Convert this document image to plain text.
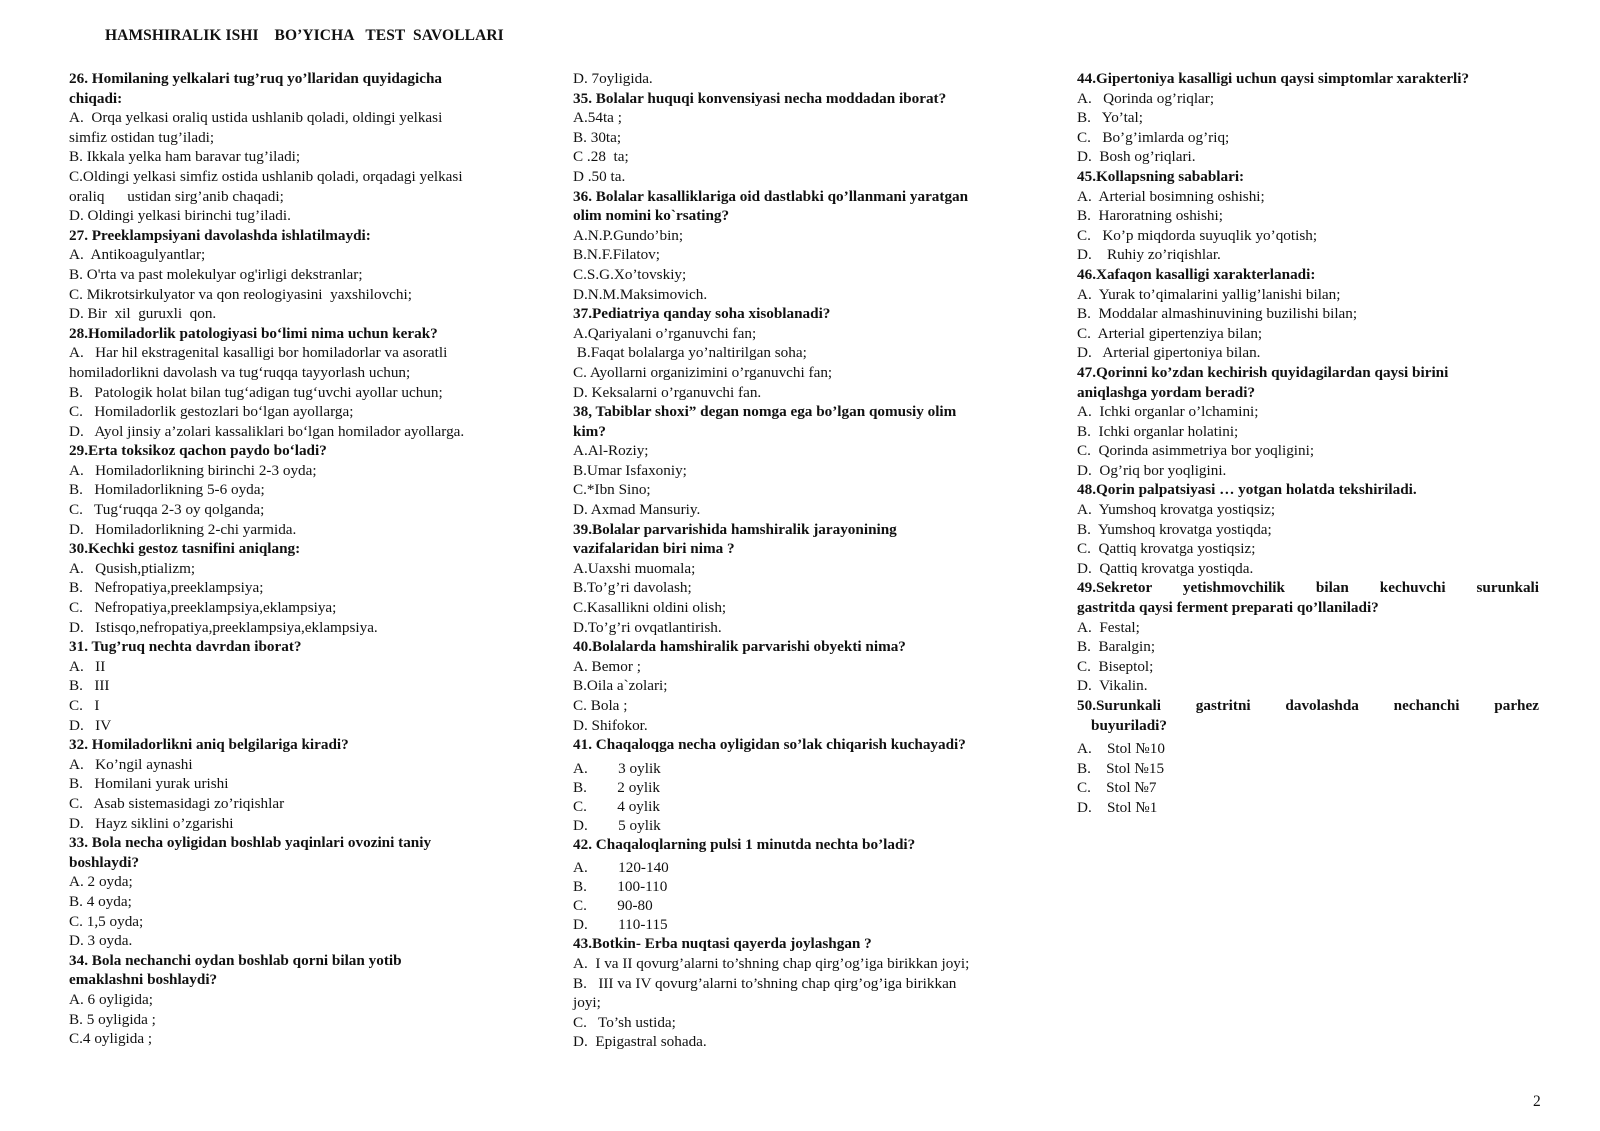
HAMSHIRALIK ISHI    BO’YICHA   TEST  SAVOLLARI
26. Homilaning yelkalari tug’ruq yo’llaridan quyidagicha
chiqadi:
A.  Orqa yelkasi oraliq ustida ushlanib qoladi, oldingi yelkasi
simfiz ostidan tug’iladi;
B. Ikkala yelka ham baravar tug’iladi;
C.Oldingi yelkasi simfiz ostida ushlanib qoladi, orqadagi yelkasi
oraliq      ustidan sirg’anib chaqadi;
D. Oldingi yelkasi birinchi tug’iladi.
27. Preeklampsiyani davolashda ishlatilmaydi:
A.  Antikoagulyantlar;
B. O'rta va past molekulyar og'irligi dekstranlar;
C. Mikrotsirkulyator va qon reologiyasini  yaxshilovchi;
D. Bir  xil  guruxli  qon.
28.Homiladorlik patologiyasi bo‘limi nima uchun kerak?
A.   Har hil ekstragenital kasalligi bor homiladorlar va asoratli
homiladorlikni davolash va tug‘ruqqa tayyorlash uchun;
B.   Patologik holat bilan tug‘adigan tug‘uvchi ayollar uchun;
C.   Homiladorlik gestozlari bo‘lgan ayollarga;
D.   Ayol jinsiy a’zolari kassaliklari bo‘lgan homilador ayollarga.
29.Erta toksikoz qachon paydo bo‘ladi?
A.   Homiladorlikning birinchi 2-3 oyda;
B.   Homiladorlikning 5-6 oyda;
C.   Tug‘ruqqa 2-3 oy qolganda;
D.   Homiladorlikning 2-chi yarmida.
30.Kechki gestoz tasnifini aniqlang:
A.   Qusish,ptializm;
B.   Nefropatiya,preeklampsiya;
C.   Nefropatiya,preeklampsiya,eklampsiya;
D.   Istisqo,nefropatiya,preeklampsiya,eklampsiya.
31. Tug’ruq nechta davrdan iborat?
A.   II
B.   III
C.   I
D.   IV
32. Homiladorlikni aniq belgilariga kiradi?
A.   Ko’ngil aynashi
B.   Homilani yurak urishi
C.   Asab sistemasidagi zo’riqishlar
D.   Hayz siklini o’zgarishi
33. Bola necha oyligidan boshlab yaqinlari ovozini taniy
boshlaydi?
A. 2 oyda;
B. 4 oyda;
C. 1,5 oyda;
D. 3 oyda.
34. Bola nechanchi oydan boshlab qorni bilan yotib
emaklashni boshlaydi?
A. 6 oyligida;
B. 5 oyligida ;
C.4 oyligida ;
D. 7oyligida.
35. Bolalar huquqi konvensiyasi necha moddadan iborat?
A.54ta ;
B. 30ta;
C .28  ta;
D .50 ta.
36. Bolalar kasalliklariga oid dastlabki qo’llanmani yaratgan
olim nomini ko`rsating?
A.N.P.Gundo’bin;
B.N.F.Filatov;
C.S.G.Xo’tovskiy;
D.N.M.Maksimovich.
37.Pediatriya qanday soha xisoblanadi?
A.Qariyalani o’rganuvchi fan;
B.Faqat bolalarga yo’naltirilgan soha;
C. Ayollarni organizimini o’rganuvchi fan;
D. Keksalarni o’rganuvchi fan.
38, Tabiblar shoxi” degan nomga ega bo’lgan qomusiy olim
kim?
A.Al-Roziy;
B.Umar Isfaxoniy;
C.*Ibn Sino;
D. Axmad Mansuriy.
39.Bolalar parvarishida hamshiralik jarayonining
vazifalaridan biri nima ?
A.Uaxshi muomala;
B.To’g’ri davolash;
C.Kasallikni oldini olish;
D.To’g’ri ovqatlantirish.
40.Bolalarda hamshiralik parvarishi obyekti nima?
A. Bemor ;
B.Oila a`zolari;
C. Bola ;
D. Shifokor.
41. Chaqaloqga necha oyligidan so’lak chiqarish kuchayadi?
A.        3 oylik
B.        2 oylik
C.        4 oylik
D.        5 oylik
42. Chaqaloqlarning pulsi 1 minutda nechta bo’ladi?
A.        120-140
B.        100-110
C.        90-80
D.        110-115
43.Botkin- Erba nuqtasi qayerda joylashgan ?
A.  I va II qovurg’alarni to’shning chap qirg’og’iga birikkan joyi;
B.   III va IV qovurg’alarni to’shning chap qirg’og’iga birikkan
joyi;
C.   To’sh ustida;
D.  Epigastral sohada.
44.Gipertoniya kasalligi uchun qaysi simptomlar xarakterli?
A.   Qorinda og’riqlar;
B.   Yo’tal;
C.   Bo’g’imlarda og’riq;
D.  Bosh og’riqlari.
45.Kollapsning sabablari:
A.  Arterial bosimning oshishi;
B.  Haroratning oshishi;
C.   Ko’p miqdorda suyuqlik yo’qotish;
D.    Ruhiy zo’riqishlar.
46.Xafaqon kasalligi xarakterlanadi:
A.  Yurak to’qimalarini yallig’lanishi bilan;
B.  Moddalar almashinuvining buzilishi bilan;
C.  Arterial gipertenziya bilan;
D.   Arterial gipertoniya bilan.
47.Qorinni ko’zdan kechirish quyidagilardan qaysi birini
aniqlashga yordam beradi?
A.  Ichki organlar o’lchamini;
B.  Ichki organlar holatini;
C.  Qorinda asimmetriya bor yoqligini;
D.  Og’riq bor yoqligini.
48.Qorin palpatsiyasi … yotgan holatda tekshiriladi.
A.  Yumshoq krovatga yostiqsiz;
B.  Yumshoq krovatga yostiqda;
C.  Qattiq krovatga yostiqsiz;
D.  Qattiq krovatga yostiqda.
49.Sekretor yetishmovchilik bilan kechuvchi surunkali
gastritda qaysi ferment preparati qo’llaniladi?
A.  Festal;
B.  Baralgin;
C.  Biseptol;
D.  Vikalin.
50.Surunkali gastritni davolashda nechanchi parhez
buyuriladi?
A.    Stol №10
B.    Stol №15
C.    Stol №7
D.    Stol №1
2
